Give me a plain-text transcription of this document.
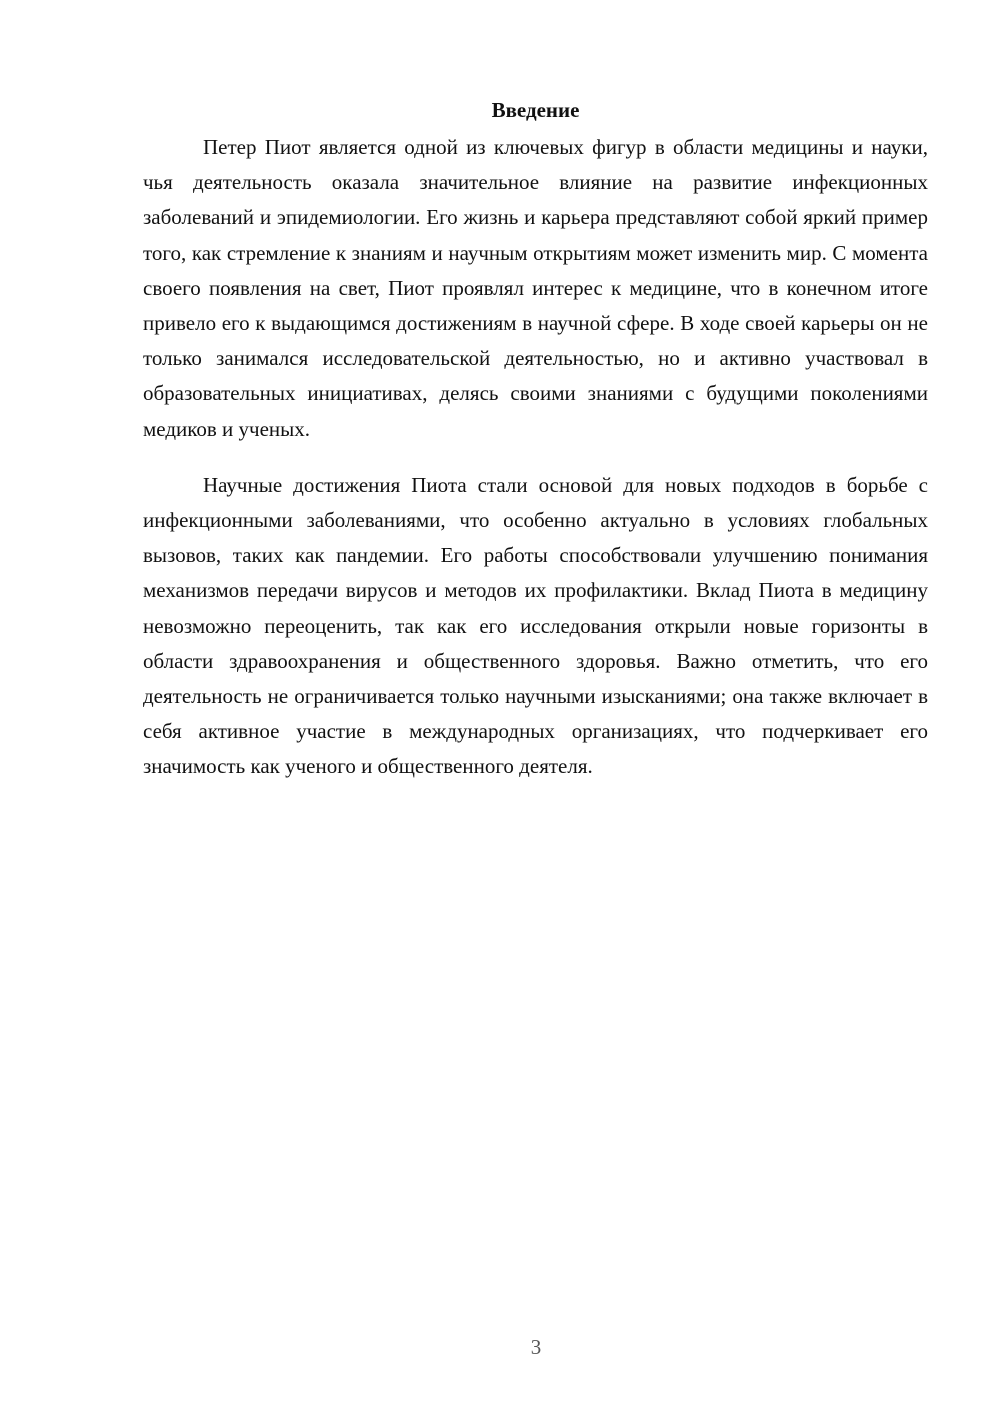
Введение

Петер Пиот является одной из ключевых фигур в области медицины и науки, чья деятельность оказала значительное влияние на развитие инфекционных заболеваний и эпидемиологии. Его жизнь и карьера представляют собой яркий пример того, как стремление к знаниям и научным открытиям может изменить мир. С момента своего появления на свет, Пиот проявлял интерес к медицине, что в конечном итоге привело его к выдающимся достижениям в научной сфере. В ходе своей карьеры он не только занимался исследовательской деятельностью, но и активно участвовал в образовательных инициативах, делясь своими знаниями с будущими поколениями медиков и ученых.

Научные достижения Пиота стали основой для новых подходов в борьбе с инфекционными заболеваниями, что особенно актуально в условиях глобальных вызовов, таких как пандемии. Его работы способствовали улучшению понимания механизмов передачи вирусов и методов их профилактики. Вклад Пиота в медицину невозможно переоценить, так как его исследования открыли новые горизонты в области здравоохранения и общественного здоровья. Важно отметить, что его деятельность не ограничивается только научными изысканиями; она также включает в себя активное участие в международных организациях, что подчеркивает его значимость как ученого и общественного деятеля.

3
